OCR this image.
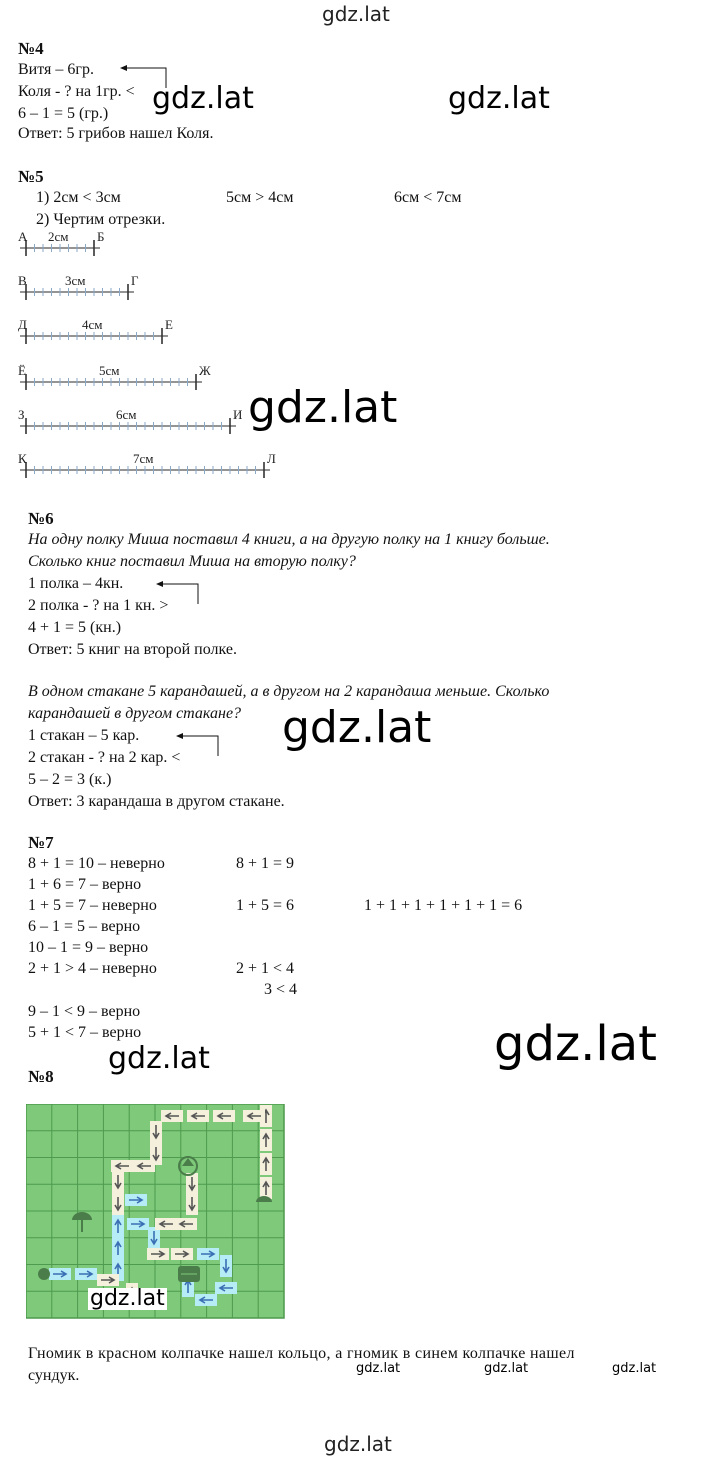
gdz.lat
№4
Витя – 6гр.
Коля - ? на 1гр. <
6 – 1 = 5 (гр.)
Ответ: 5 грибов нашел Коля.
gdz.lat	gdz.lat
№5
1) 2см < 3см	5см > 4см	6см < 7см
2) Чертим отрезки.
А	Б
2см
В	Г
3см
Д	Е
4см
Ё	Ж
5см
З	И
6см
К	Л
7см
gdz.lat
№6
На одну полку Миша поставил 4 книги, а на другую полку на 1 книгу больше.
Сколько книг поставил Миша на вторую полку?
1 полка – 4кн.
2 полка - ? на 1 кн. >
4 + 1 = 5 (кн.)
Ответ: 5 книг на второй полке.
В одном стакане 5 карандашей, а в другом на 2 карандаша меньше. Сколько
карандашей в другом стакане?
1 стакан – 5 кар.
2 стакан - ? на 2 кар. <
5 – 2 = 3 (к.)
Ответ: 3 карандаша в другом стакане.
gdz.lat
№7
8 + 1 = 10 – неверно	8 + 1 = 9
1 + 6 = 7 – верно
1 + 5 = 7 – неверно	1 + 5 = 6	1 + 1 + 1 + 1 + 1 + 1 = 6
6 – 1 = 5 – верно
10 – 1 = 9 – верно
2 + 1 > 4 – неверно	2 + 1 < 4
3 < 4
9 – 1 < 9 – верно
5 + 1 < 7 – верно	gdz.lat
gdz.lat
№8
gdz.lat
Гномик в красном колпачке нашел кольцо, а гномик в синем колпачке нашел
сундук.	gdz.lat	gdz.lat	gdz.lat
gdz.lat
